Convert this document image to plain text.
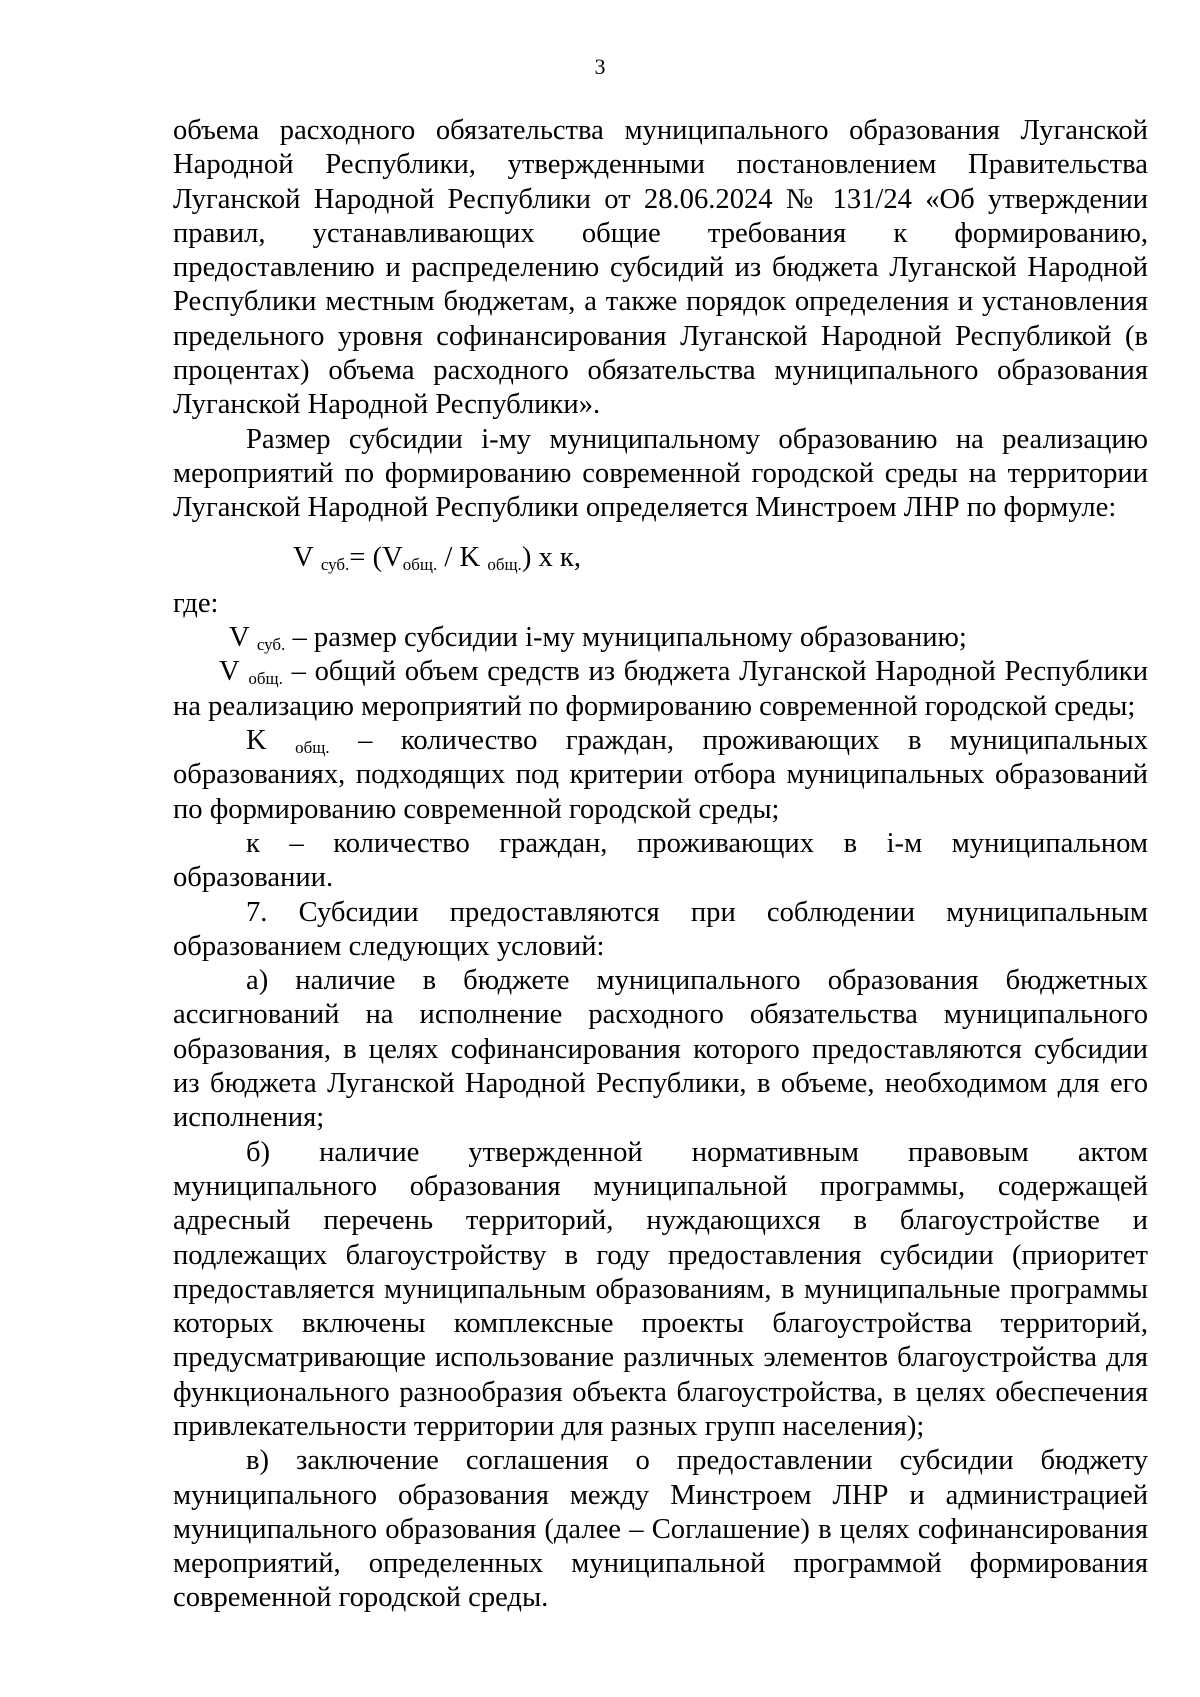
3

объема расходного обязательства муниципального образования Луганской Народной Республики, утвержденными постановлением Правительства Луганской Народной Республики от 28.06.2024 № 131/24 «Об утверждении правил, устанавливающих общие требования к формированию, предоставлению и распределению субсидий из бюджета Луганской Народной Республики местным бюджетам, а также порядок определения и установления предельного уровня софинансирования Луганской Народной Республикой (в процентах) объема расходного обязательства муниципального образования Луганской Народной Республики».

Размер субсидии i-му муниципальному образованию на реализацию мероприятий по формированию современной городской среды на территории Луганской Народной Республики определяется Минстроем ЛНР по формуле:

V $_{суб.}= (V_{общ.} / K$ $_{общ.}$) х к,

где:

V $_{суб.}$ – размер субсидии i-му муниципальному образованию;

V $_{общ.}$ – общий объем средств из бюджета Луганской Народной Республики на реализацию мероприятий по формированию современной городской среды;

K $_{общ.}$ – количество граждан, проживающих в муниципальных образованиях, подходящих под критерии отбора муниципальных образований по формированию современной городской среды;

к – количество граждан, проживающих в i-м муниципальном образовании.

7. Субсидии предоставляются при соблюдении муниципальным образованием следующих условий:

а) наличие в бюджете муниципального образования бюджетных ассигнований на исполнение расходного обязательства муниципального образования, в целях софинансирования которого предоставляются субсидии из бюджета Луганской Народной Республики, в объеме, необходимом для его исполнения;

б) наличие утвержденной нормативным правовым актом муниципального образования муниципальной программы, содержащей адресный перечень территорий, нуждающихся в благоустройстве и подлежащих благоустройству в году предоставления субсидии (приоритет предоставляется муниципальным образованиям, в муниципальные программы которых включены комплексные проекты благоустройства территорий, предусматривающие использование различных элементов благоустройства для функционального разнообразия объекта благоустройства, в целях обеспечения привлекательности территории для разных групп населения);

в) заключение соглашения о предоставлении субсидии бюджету муниципального образования между Минстроем ЛНР и администрацией муниципального образования (далее – Соглашение) в целях софинансирования мероприятий, определенных муниципальной программой формирования современной городской среды.
